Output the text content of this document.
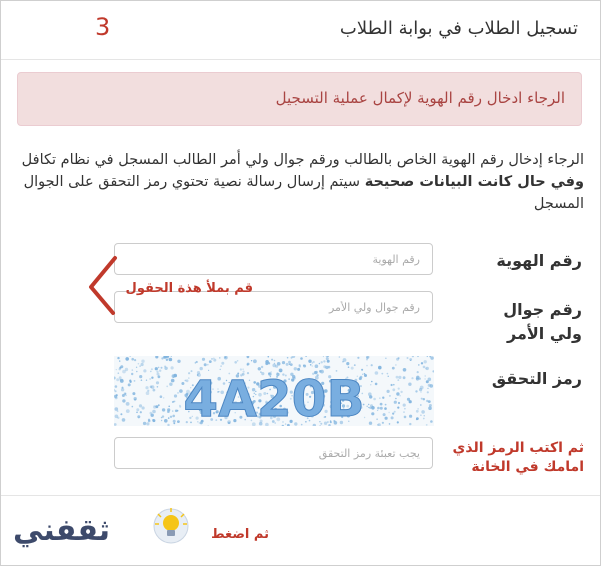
3	تسجيل الطلاب في بوابة الطلاب
الرجاء ادخال رقم الهوية لإكمال عملية التسجيل
الرجاء إدخال رقم الهوية الخاص بالطالب ورقم جوال ولي أمر الطالب المسجل في نظام تكافل وفي حال كانت البيانات صحيحة سيتم إرسال رسالة نصية تحتوي رمز التحقق على الجوال المسجل
رقم الهوية
رقم الهوية
رقم جوال ولي الأمر
رقم جوال ولي الأمر
رمز التحقق
4A20B
يجب تعبئة رمز التحقق
قم بملأ هذة الحقول
ثم اكتب الرمز الذي امامك في الخانة
ثقفني	ثم اضغط
